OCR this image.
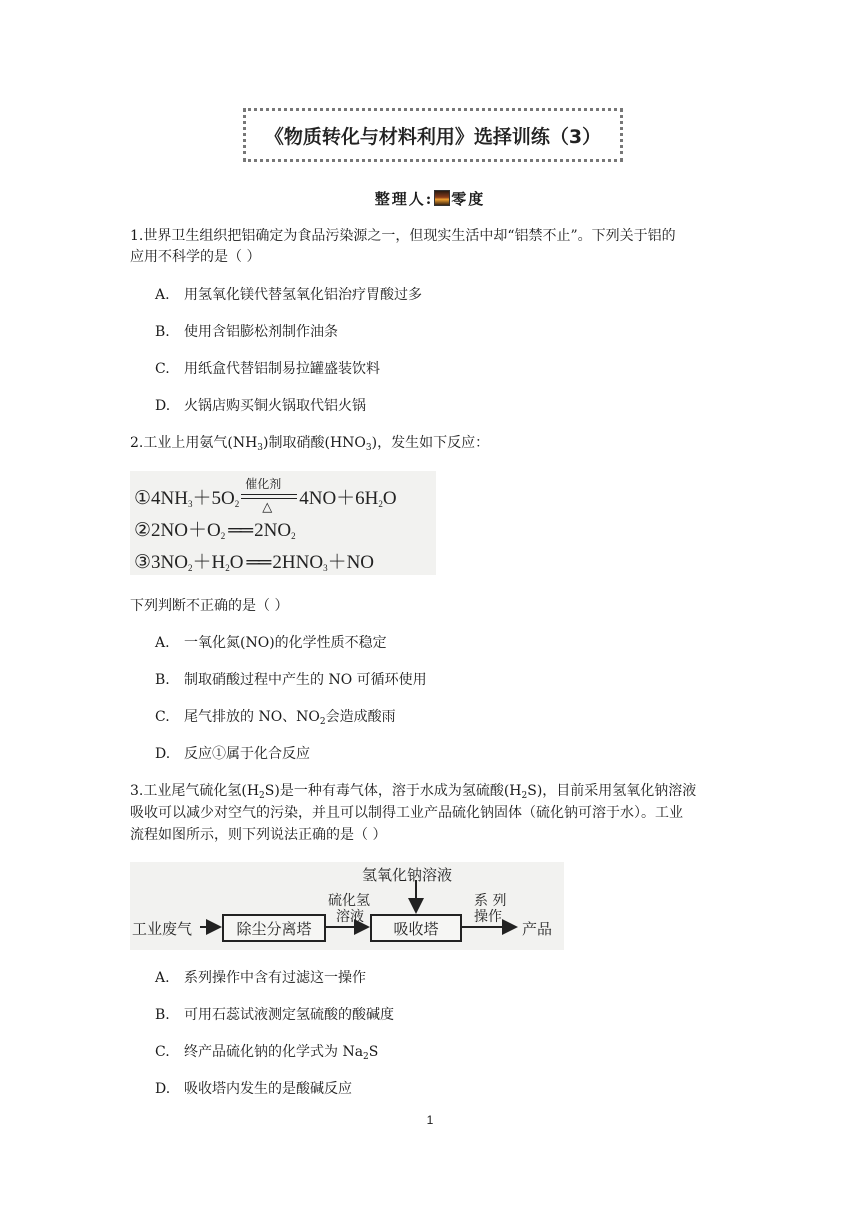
《物质转化与材料利用》选择训练（3）
整理人: 零度
1.世界卫生组织把铝确定为食品污染源之一，但现实生活中却“铝禁不止”。下列关于铝的
应用不科学的是（ ）
A. 用氢氧化镁代替氢氧化铝治疗胃酸过多
B. 使用含铝膨松剂制作油条
C. 用纸盒代替铝制易拉罐盛装饮料
D. 火锅店购买铜火锅取代铝火锅
2.工业上用氨气$(NH_3)$制取硝酸$(HNO_3)$，发生如下反应：
$①4NH_3+5O_2$
催化剂
△ $4NO+6H_2O$
$②2NO+O_2$ ══ $2NO_2$
$③3NO_2+H_2O$ ══ $2HNO_3+NO$
下列判断不正确的是（ ）
A. 一氧化氮(NO)的化学性质不稳定
B. 制取硝酸过程中产生的 NO 可循环使用
C. 尾气排放的 NO、$NO_2$会造成酸雨
D. 反应①属于化合反应
3.工业尾气硫化氢$(H_2S)$是一种有毒气体，溶于水成为氢硫酸$(H_2S)$，目前采用氢氧化钠溶液
吸收可以减少对空气的污染，并且可以制得工业产品硫化钠固体（硫化钠可溶于水）。工业
流程如图所示，则下列说法正确的是（ ）
工业废气	除尘分离塔
硫化氢
溶液
氢氧化钠溶液
吸收塔
系 列
操作
产品
A. 系列操作中含有过滤这一操作
B. 可用石蕊试液测定氢硫酸的酸碱度
C. 终产品硫化钠的化学式为 $Na_2S$
D. 吸收塔内发生的是酸碱反应
1
